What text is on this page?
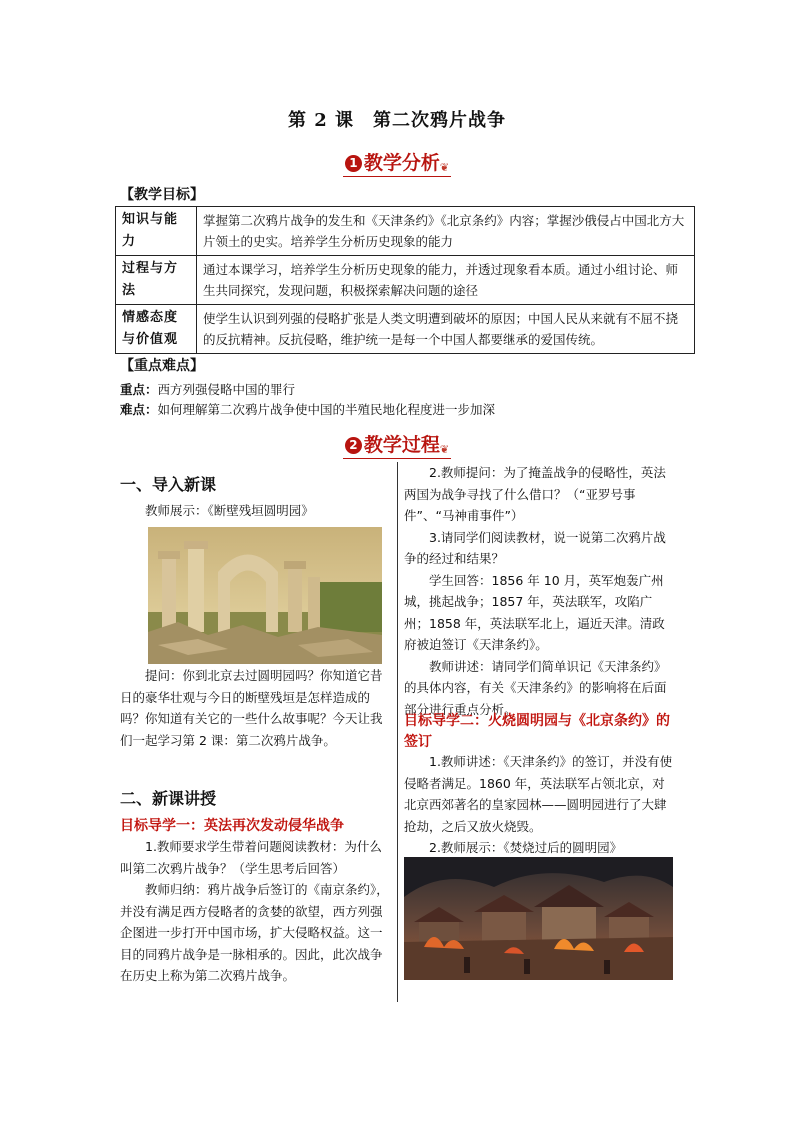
第 2 课　第二次鸦片战争
1 教学分析❦
【教学目标】
知识与能力	掌握第二次鸦片战争的发生和《天津条约》《北京条约》内容；掌握沙俄侵占中国北方大片领土的史实。培养学生分析历史现象的能力
过程与方法	通过本课学习，培养学生分析历史现象的能力，并透过现象看本质。通过小组讨论、师生共同探究，发现问题，积极探索解决问题的途径
情感态度与价值观	使学生认识到列强的侵略扩张是人类文明遭到破坏的原因；中国人民从来就有不屈不挠的反抗精神。反抗侵略，维护统一是每一个中国人都要继承的爱国传统。
【重点难点】
重点：西方列强侵略中国的罪行
难点：如何理解第二次鸦片战争使中国的半殖民地化程度进一步加深
2 教学过程❦
一、导入新课

教师展示：《断壁残垣圆明园》

提问：你到北京去过圆明园吗？你知道它昔日的豪华壮观与今日的断壁残垣是怎样造成的吗？你知道有关它的一些什么故事呢？今天让我们一起学习第 2 课：第二次鸦片战争。

二、新课讲授
目标导学一：英法再次发动侵华战争

1.教师要求学生带着问题阅读教材：为什么叫第二次鸦片战争？（学生思考后回答）

教师归纳：鸦片战争后签订的《南京条约》，并没有满足西方侵略者的贪婪的欲望，西方列强企图进一步打开中国市场，扩大侵略权益。这一目的同鸦片战争是一脉相承的。因此，此次战争在历史上称为第二次鸦片战争。

2.教师提问：为了掩盖战争的侵略性，英法两国为战争寻找了什么借口？（“亚罗号事件”、“马神甫事件”）

3.请同学们阅读教材，说一说第二次鸦片战争的经过和结果？

学生回答：1856 年 10 月，英军炮轰广州城，挑起战争；1857 年，英法联军，攻陷广州；1858 年，英法联军北上，逼近天津。清政府被迫签订《天津条约》。

教师讲述：请同学们简单识记《天津条约》的具体内容，有关《天津条约》的影响将在后面部分进行重点分析。

目标导学二：火烧圆明园与《北京条约》的签订

1.教师讲述：《天津条约》的签订，并没有使侵略者满足。1860 年，英法联军占领北京，对北京西郊著名的皇家园林——圆明园进行了大肆抢劫，之后又放火烧毁。

2.教师展示：《焚烧过后的圆明园》
